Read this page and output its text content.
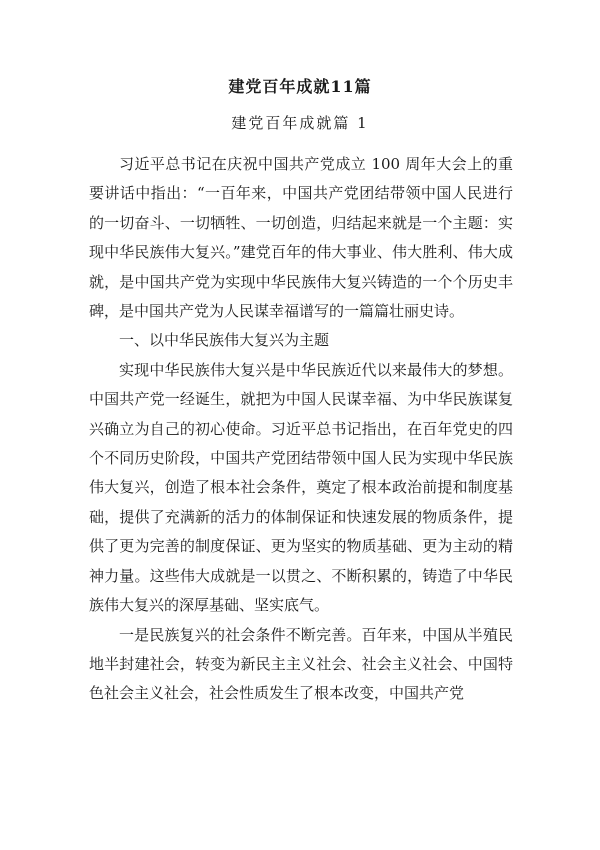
建党百年成就11篇
建党百年成就篇 1

习近平总书记在庆祝中国共产党成立 100 周年大会上的重要讲话中指出：“一百年来，中国共产党团结带领中国人民进行的一切奋斗、一切牺牲、一切创造，归结起来就是一个主题：实现中华民族伟大复兴。”建党百年的伟大事业、伟大胜利、伟大成就，是中国共产党为实现中华民族伟大复兴铸造的一个个历史丰碑，是中国共产党为人民谋幸福谱写的一篇篇壮丽史诗。

一、以中华民族伟大复兴为主题

实现中华民族伟大复兴是中华民族近代以来最伟大的梦想。中国共产党一经诞生，就把为中国人民谋幸福、为中华民族谋复兴确立为自己的初心使命。习近平总书记指出，在百年党史的四个不同历史阶段，中国共产党团结带领中国人民为实现中华民族伟大复兴，创造了根本社会条件，奠定了根本政治前提和制度基础，提供了充满新的活力的体制保证和快速发展的物质条件，提供了更为完善的制度保证、更为坚实的物质基础、更为主动的精神力量。这些伟大成就是一以贯之、不断积累的，铸造了中华民族伟大复兴的深厚基础、坚实底气。

一是民族复兴的社会条件不断完善。百年来，中国从半殖民地半封建社会，转变为新民主主义社会、社会主义社会、中国特色社会主义社会，社会性质发生了根本改变，中国共产党
